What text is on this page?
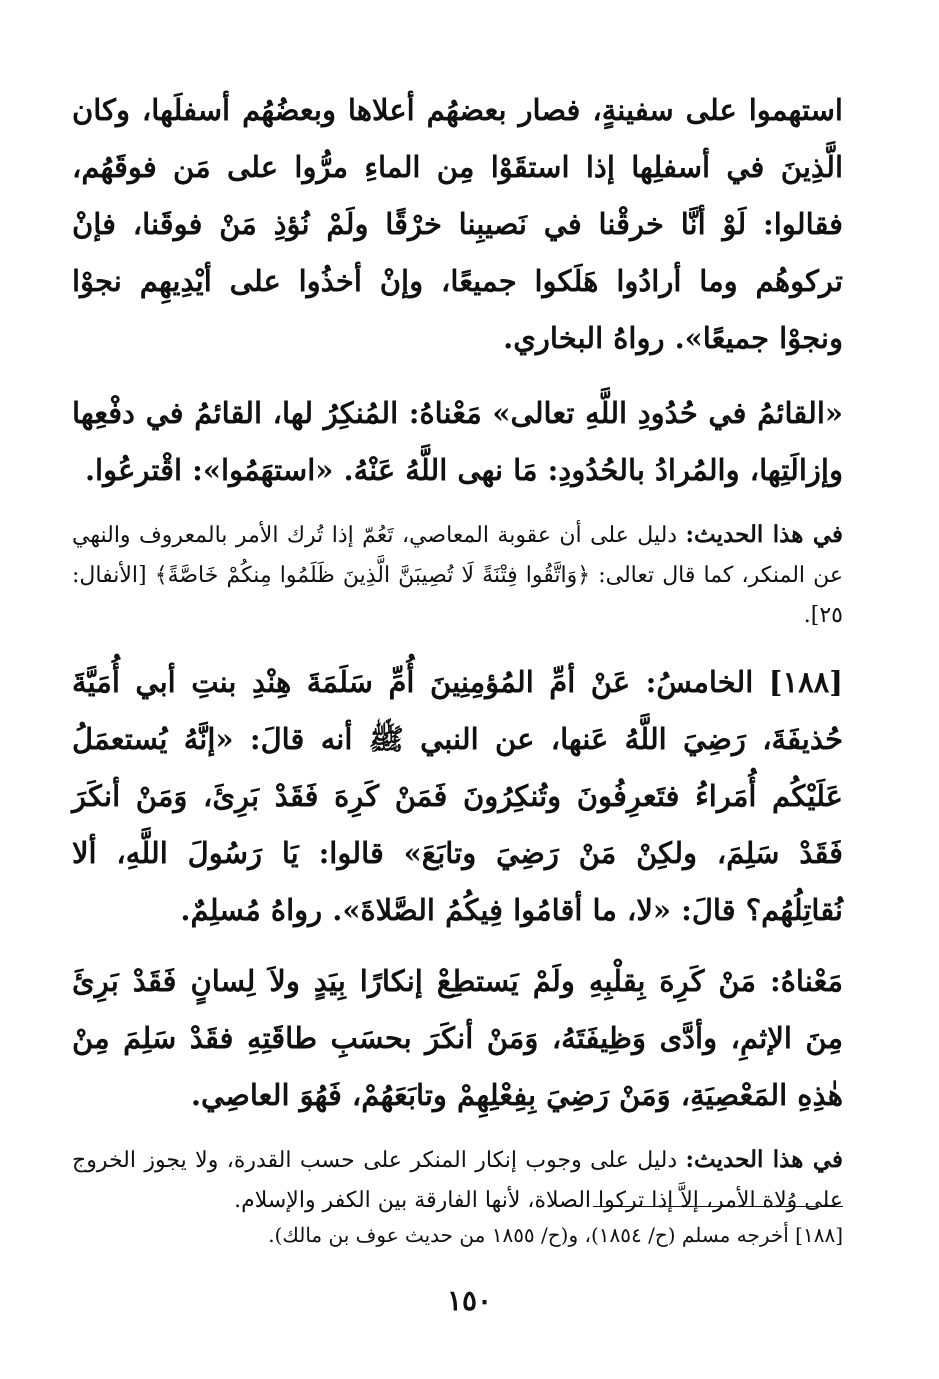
استهموا على سفينةٍ، فصار بعضهُم أعلاها وبعضُهُم أسفلَها، وكان الَّذِينَ في أسفلِها إذا استقَوْا مِن الماءِ مرُّوا على مَن فوقَهُم، فقالوا: لَوْ أنَّا خرقْنا في نَصيبِنا خرْقًا ولَمْ نُؤذِ مَنْ فوقَنا، فإنْ تركوهُم وما أرادُوا هَلَكوا جميعًا، وإنْ أخذُوا على أيْدِيهِم نجوْا ونجوْا جميعًا». رواهُ البخاري.

«القائمُ في حُدُودِ اللَّهِ تعالى» مَعْناهُ: المُنكِرُ لها، القائمُ في دفْعِها وإزالَتِها، والمُرادُ بالحُدُودِ: مَا نهى اللَّهُ عَنْهُ. «استهَمُوا»: اقْترعُوا.

في هذا الحديث: دليل على أن عقوبة المعاصي، تَعُمّ إذا تُرك الأمر بالمعروف والنهي عن المنكر، كما قال تعالى: ﴿وَاتَّقُوا فِتْنَةً لَا تُصِيبَنَّ الَّذِينَ ظَلَمُوا مِنكُمْ خَاصَّةً﴾ [الأنفال: ٢٥].

[١٨٨] الخامسُ: عَنْ أمِّ المُؤمِنِينَ أُمِّ سَلَمَةَ هِنْدِ بنتِ أبي أُمَيَّةَ حُذيفَةَ، رَضِيَ اللَّهُ عَنها، عن النبي ﷺ أنه قالَ: «إنَّهُ يُستعمَلُ عَلَيْكُم أُمَراءُ فتَعرِفُونَ وتُنكِرُونَ فَمَنْ كَرِهَ فَقَدْ بَرِئَ، وَمَنْ أنكَرَ فَقَدْ سَلِمَ، ولكِنْ مَنْ رَضِيَ وتابَعَ» قالوا: يَا رَسُولَ اللَّهِ، ألا نُقاتِلُهُم؟ قالَ: «لا، ما أقامُوا فِيكُمُ الصَّلاةَ». رواهُ مُسلِمٌ.

مَعْناهُ: مَنْ كَرِهَ بِقلْبِهِ ولَمْ يَستطِعْ إنكارًا بِيَدٍ ولاَ لِسانٍ فَقَدْ بَرِئَ مِنَ الإثمِ، وأدَّى وَظِيفَتَهُ، وَمَنْ أنكَرَ بحسَبِ طاقَتِهِ فقَدْ سَلِمَ مِنْ هٰذِهِ المَعْصِيَةِ، وَمَنْ رَضِيَ بِفِعْلِهِمْ وتابَعَهُمْ، فَهُوَ العاصِي.

في هذا الحديث: دليل على وجوب إنكار المنكر على حسب القدرة، ولا يجوز الخروج على وُلاة الأمر، إلاَّ إذا تركوا الصلاة، لأنها الفارقة بين الكفر والإسلام.

[١٨٨] أخرجه مسلم (ح/ ١٨٥٤)، و(ح/ ١٨٥٥ من حديث عوف بن مالك).

١٥٠
